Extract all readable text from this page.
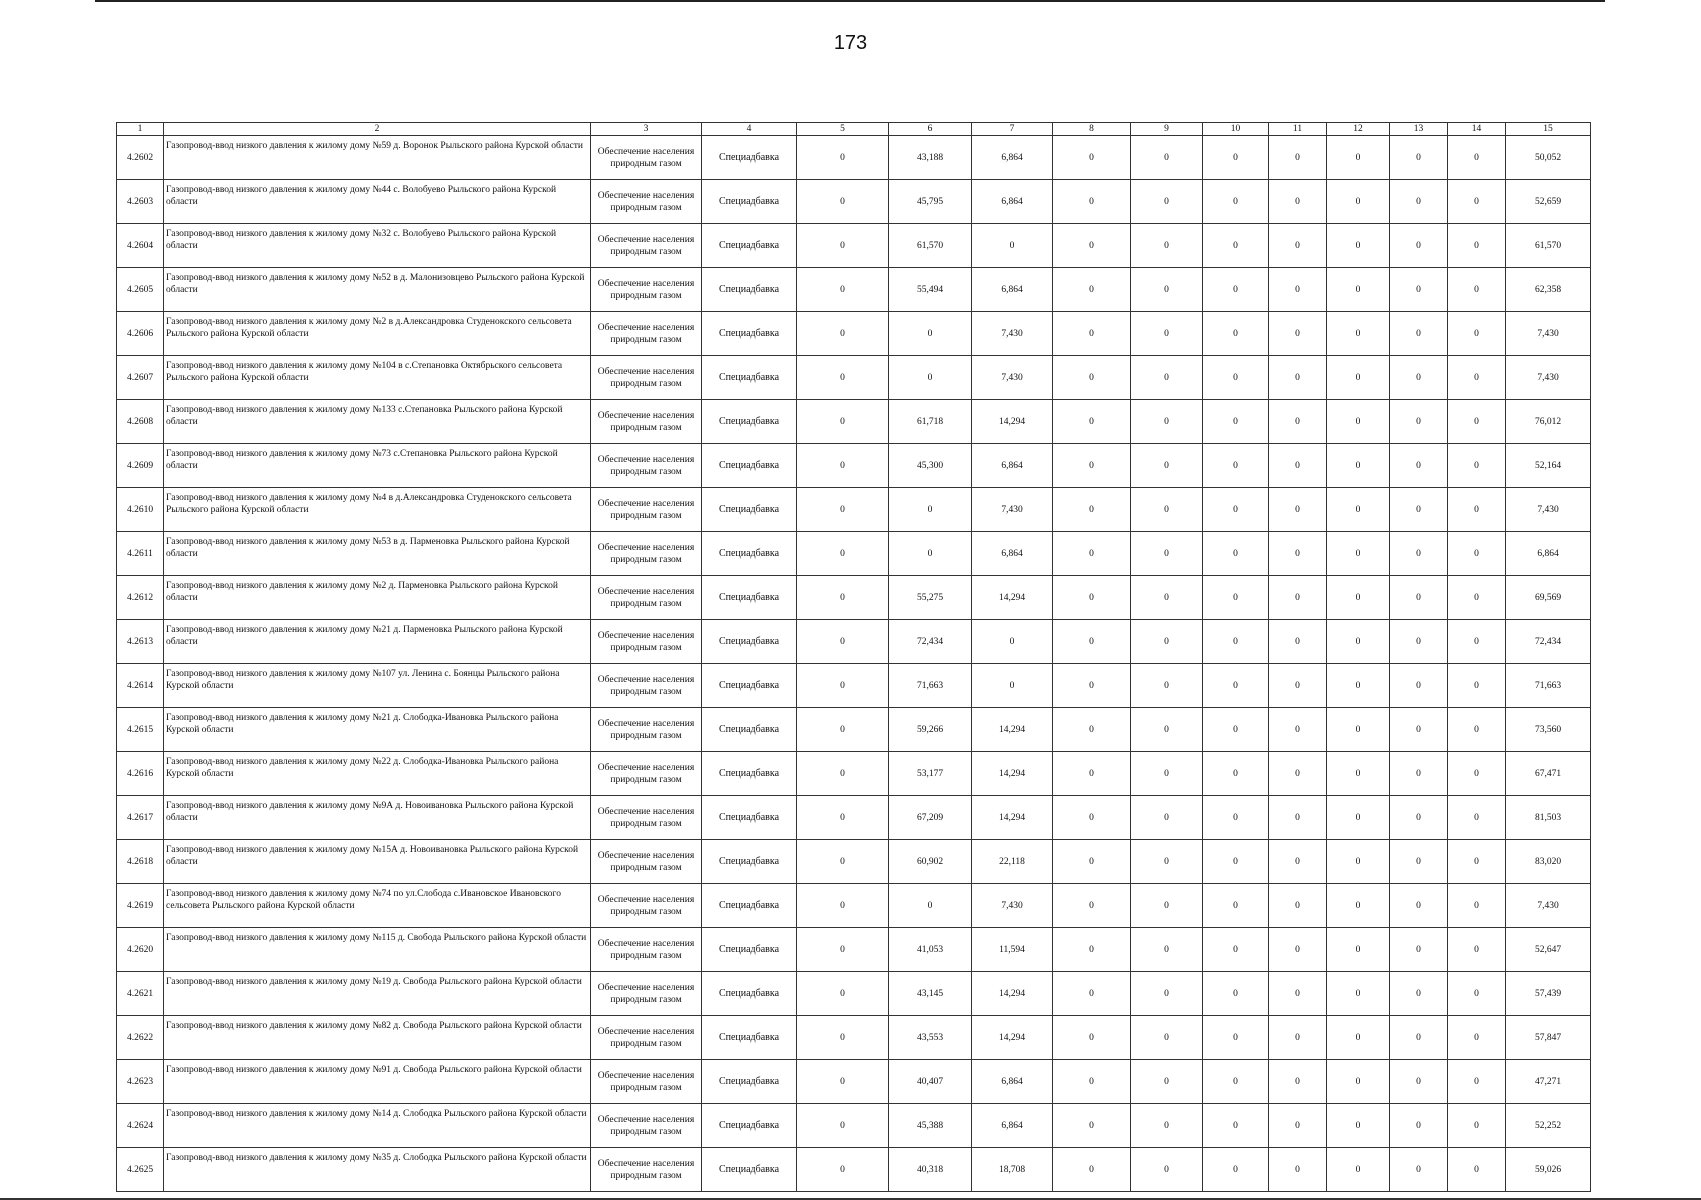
173
1	2	3	4	5	6	7	8	9	10	11	12	13	14	15
4.2602	Газопровод-ввод низкого давления к жилому дому №59 д. Воронок Рыльского района Курской области	Обеспечение населения природным газом	Специадбавка	0	43,188	6,864	0	0	0	0	0	0	0	50,052
4.2603	Газопровод-ввод низкого давления к жилому дому №44 с. Волобуево Рыльского района Курской области	Обеспечение населения природным газом	Специадбавка	0	45,795	6,864	0	0	0	0	0	0	0	52,659
4.2604	Газопровод-ввод низкого давления к жилому дому №32 с. Волобуево Рыльского района Курской области	Обеспечение населения природным газом	Специадбавка	0	61,570	0	0	0	0	0	0	0	0	61,570
4.2605	Газопровод-ввод низкого давления к жилому дому №52 в д. Малонизовцево Рыльского района Курской области	Обеспечение населения природным газом	Специадбавка	0	55,494	6,864	0	0	0	0	0	0	0	62,358
4.2606	Газопровод-ввод низкого давления к жилому дому №2 в д.Александровка Студенокского сельсовета Рыльского района Курской области	Обеспечение населения природным газом	Специадбавка	0	0	7,430	0	0	0	0	0	0	0	7,430
4.2607	Газопровод-ввод низкого давления к жилому дому №104 в с.Степановка Октябрьского сельсовета Рыльского района Курской области	Обеспечение населения природным газом	Специадбавка	0	0	7,430	0	0	0	0	0	0	0	7,430
4.2608	Газопровод-ввод низкого давления к жилому дому №133 с.Степановка Рыльского района Курской области	Обеспечение населения природным газом	Специадбавка	0	61,718	14,294	0	0	0	0	0	0	0	76,012
4.2609	Газопровод-ввод низкого давления к жилому дому №73 с.Степановка Рыльского района Курской области	Обеспечение населения природным газом	Специадбавка	0	45,300	6,864	0	0	0	0	0	0	0	52,164
4.2610	Газопровод-ввод низкого давления к жилому дому №4 в д.Александровка Студенокского сельсовета Рыльского района Курской области	Обеспечение населения природным газом	Специадбавка	0	0	7,430	0	0	0	0	0	0	0	7,430
4.2611	Газопровод-ввод низкого давления к жилому дому №53 в д. Парменовка Рыльского района Курской области	Обеспечение населения природным газом	Специадбавка	0	0	6,864	0	0	0	0	0	0	0	6,864
4.2612	Газопровод-ввод низкого давления к жилому дому №2 д. Парменовка Рыльского района Курской области	Обеспечение населения природным газом	Специадбавка	0	55,275	14,294	0	0	0	0	0	0	0	69,569
4.2613	Газопровод-ввод низкого давления к жилому дому №21 д. Парменовка Рыльского района Курской области	Обеспечение населения природным газом	Специадбавка	0	72,434	0	0	0	0	0	0	0	0	72,434
4.2614	Газопровод-ввод низкого давления к жилому дому №107 ул. Ленина с. Боянцы Рыльского района Курской области	Обеспечение населения природным газом	Специадбавка	0	71,663	0	0	0	0	0	0	0	0	71,663
4.2615	Газопровод-ввод низкого давления к жилому дому №21 д. Слободка-Ивановка Рыльского района Курской области	Обеспечение населения природным газом	Специадбавка	0	59,266	14,294	0	0	0	0	0	0	0	73,560
4.2616	Газопровод-ввод низкого давления к жилому дому №22 д. Слободка-Ивановка Рыльского района Курской области	Обеспечение населения природным газом	Специадбавка	0	53,177	14,294	0	0	0	0	0	0	0	67,471
4.2617	Газопровод-ввод низкого давления к жилому дому №9А д. Новоивановка Рыльского района Курской области	Обеспечение населения природным газом	Специадбавка	0	67,209	14,294	0	0	0	0	0	0	0	81,503
4.2618	Газопровод-ввод низкого давления к жилому дому №15А д. Новоивановка Рыльского района Курской области	Обеспечение населения природным газом	Специадбавка	0	60,902	22,118	0	0	0	0	0	0	0	83,020
4.2619	Газопровод-ввод низкого давления к жилому дому №74 по ул.Слобода с.Ивановское Ивановского сельсовета Рыльского района Курской области	Обеспечение населения природным газом	Специадбавка	0	0	7,430	0	0	0	0	0	0	0	7,430
4.2620	Газопровод-ввод низкого давления к жилому дому №115 д. Свобода Рыльского района Курской области	Обеспечение населения природным газом	Специадбавка	0	41,053	11,594	0	0	0	0	0	0	0	52,647
4.2621	Газопровод-ввод низкого давления к жилому дому №19 д. Свобода Рыльского района Курской области	Обеспечение населения природным газом	Специадбавка	0	43,145	14,294	0	0	0	0	0	0	0	57,439
4.2622	Газопровод-ввод низкого давления к жилому дому №82 д. Свобода Рыльского района Курской области	Обеспечение населения природным газом	Специадбавка	0	43,553	14,294	0	0	0	0	0	0	0	57,847
4.2623	Газопровод-ввод низкого давления к жилому дому №91 д. Свобода Рыльского района Курской области	Обеспечение населения природным газом	Специадбавка	0	40,407	6,864	0	0	0	0	0	0	0	47,271
4.2624	Газопровод-ввод низкого давления к жилому дому №14 д. Слободка Рыльского района Курской области	Обеспечение населения природным газом	Специадбавка	0	45,388	6,864	0	0	0	0	0	0	0	52,252
4.2625	Газопровод-ввод низкого давления к жилому дому №35 д. Слободка Рыльского района Курской области	Обеспечение населения природным газом	Специадбавка	0	40,318	18,708	0	0	0	0	0	0	0	59,026
